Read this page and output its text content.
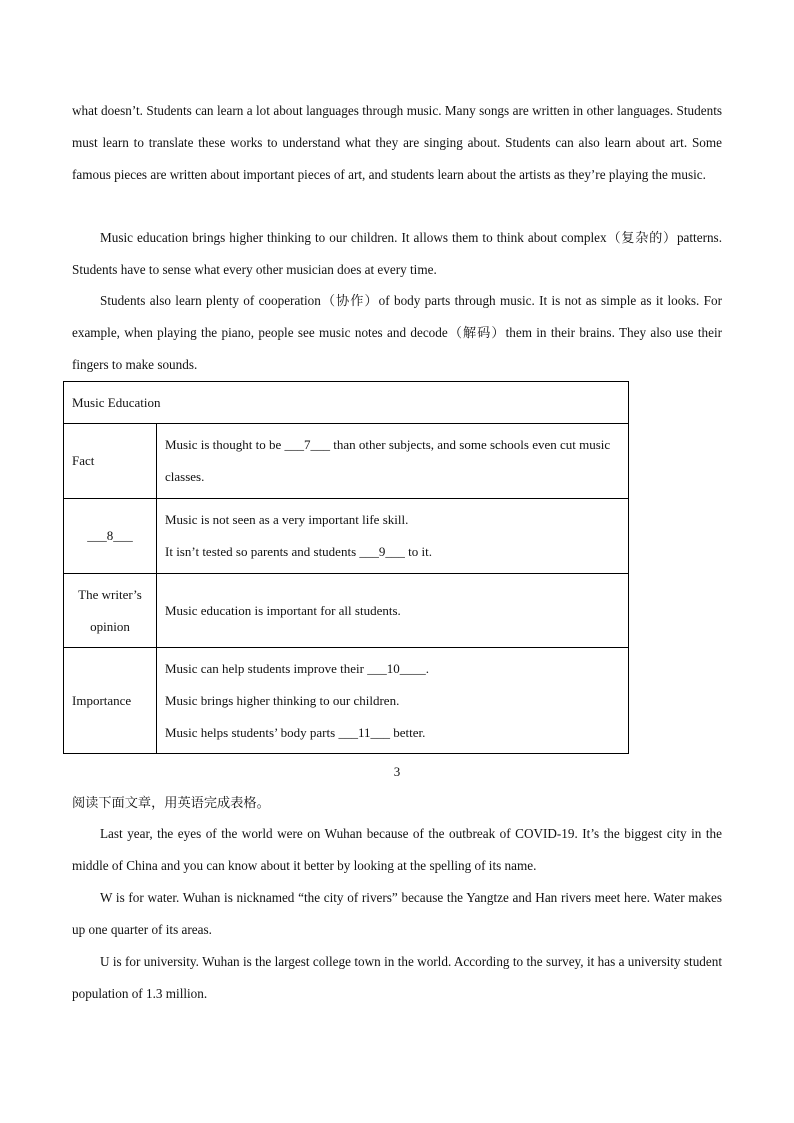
what doesn’t. Students can learn a lot about languages through music. Many songs are written in other languages. Students must learn to translate these works to understand what they are singing about. Students can also learn about art. Some famous pieces are written about important pieces of art, and students learn about the artists as they’re playing the music.

Music education brings higher thinking to our children. It allows them to think about complex（复杂的）patterns. Students have to sense what every other musician does at every time.

Students also learn plenty of cooperation（协作）of body parts through music. It is not as simple as it looks. For example, when playing the piano, people see music notes and decode（解码）them in their brains. They also use their fingers to make sounds.

Music Education	
Fact	Music is thought to be ___7___ than other subjects, and some schools even cut music classes.
___8___	Music is not seen as a very important life skill.
It isn’t tested so parents and students ___9___ to it.

The writer’s opinion	Music education is important for all students.
Importance	Music can help students improve their ___10____.
Music brings higher thinking to our children.
Music helps students’ body parts ___11___ better.
3

阅读下面文章，用英语完成表格。

Last year, the eyes of the world were on Wuhan because of the outbreak of COVID-19. It’s the biggest city in the middle of China and you can know about it better by looking at the spelling of its name.

W is for water. Wuhan is nicknamed “the city of rivers” because the Yangtze and Han rivers meet here. Water makes up one quarter of its areas.

U is for university. Wuhan is the largest college town in the world. According to the survey, it has a university student population of 1.3 million.
